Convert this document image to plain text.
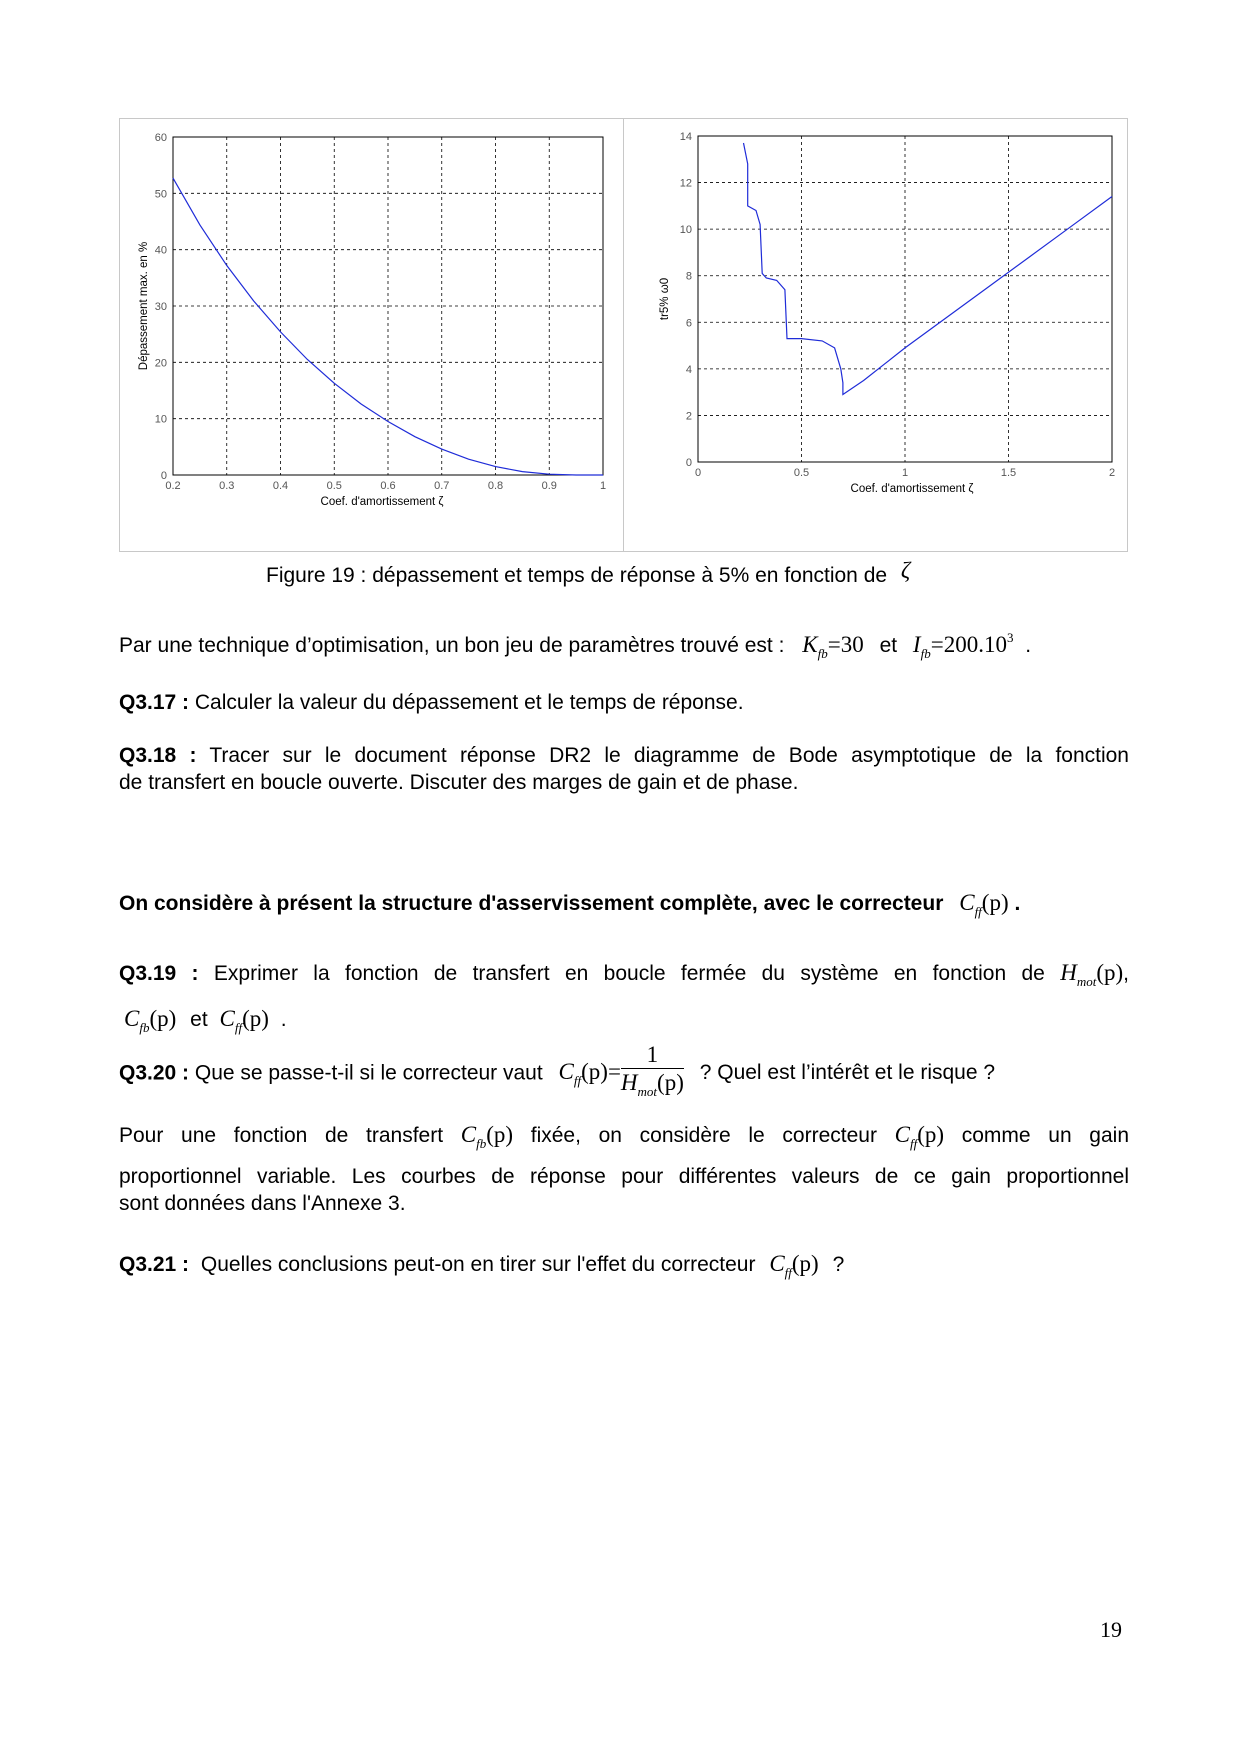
0.2	0.3	0.4	0.5	0.6	0.7	0.8	0.9	1
0
10
20
30
40
50
60
Coef. d'amortissement ζ
Dépassement max. en %
0	0.5	1	1.5	2
0
2
4
6
8
10
12
14
Coef. d'amortissement ζ
tr5% ω0
Figure 19 : dépassement et temps de réponse à 5% en fonction de ζ
Par une technique d’optimisation, un bon jeu de paramètres trouvé est : $K_{fb}=30$ et $I_{fb}=200.10^3$ .
Q3.17 : Calculer la valeur du dépassement et le temps de réponse.
Q3.18 : Tracer sur le document réponse DR2 le diagramme de Bode asymptotique de la fonction
de transfert en boucle ouverte. Discuter des marges de gain et de phase.
On considère à présent la structure d'asservissement complète, avec le correcteur $C_{ff}(p)$ .
Q3.19 : Exprimer la fonction de transfert en boucle fermée du système en fonction de $H_{mot}(p)$,
$C_{fb}(p)$ et $C_{ff}(p)$ .
Q3.20 : Que se passe-t-il si le correcteur vaut $C_{ff}(p)= \frac{1}{H_{mot}(p)}$ ? Quel est l’intérêt et le risque ?
Pour une fonction de transfert $C_{fb}(p)$ fixée, on considère le correcteur $C_{ff}(p)$ comme un gain
proportionnel variable. Les courbes de réponse pour différentes valeurs de ce gain proportionnel
sont données dans l'Annexe 3.
Q3.21 : Quelles conclusions peut-on en tirer sur l'effet du correcteur $C_{ff}(p)$ ?
19
